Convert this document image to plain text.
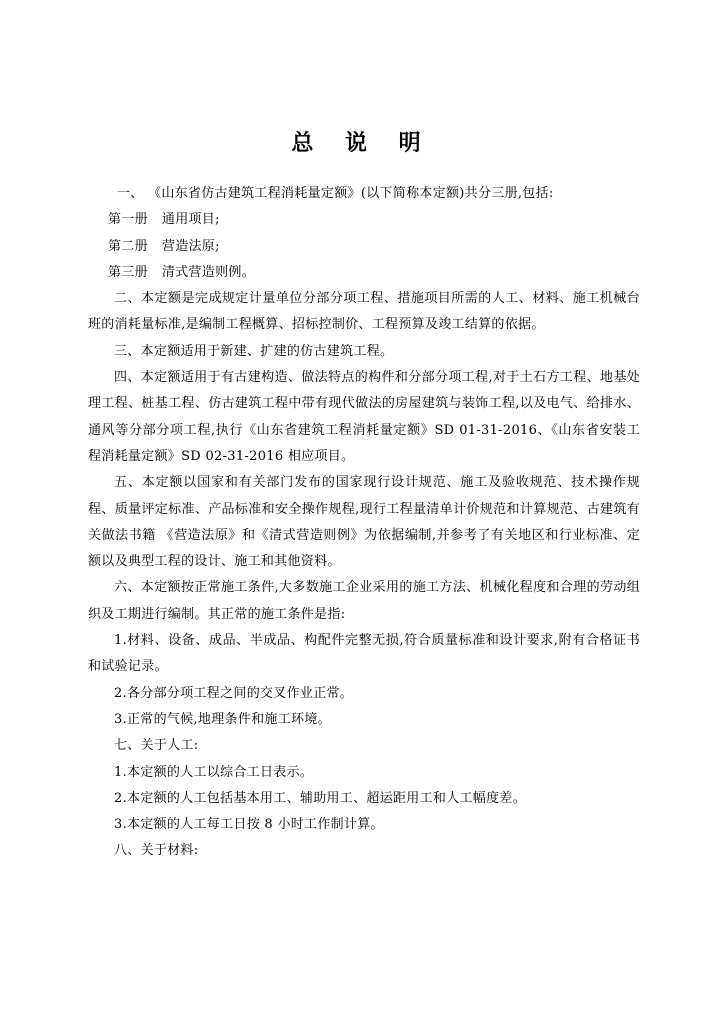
总 说 明

一、 《山东省仿古建筑工程消耗量定额》(以下简称本定额)共分三册,包括:

第一册 通用项目;

第二册 营造法原;

第三册 清式营造则例。

二、本定额是完成规定计量单位分部分项工程、措施项目所需的人工、材料、施工机械台班的消耗量标准,是编制工程概算、招标控制价、工程预算及竣工结算的依据。

三、本定额适用于新建、扩建的仿古建筑工程。

四、本定额适用于有古建构造、做法特点的构件和分部分项工程,对于土石方工程、地基处理工程、桩基工程、仿古建筑工程中带有现代做法的房屋建筑与装饰工程,以及电气、给排水、通风等分部分项工程,执行《山东省建筑工程消耗量定额》SD 01-31-2016、《山东省安装工程消耗量定额》SD 02-31-2016 相应项目。

五、本定额以国家和有关部门发布的国家现行设计规范、施工及验收规范、技术操作规程、质量评定标准、产品标准和安全操作规程,现行工程量清单计价规范和计算规范、古建筑有关做法书籍 《营造法原》和《清式营造则例》为依据编制,并参考了有关地区和行业标准、定额以及典型工程的设计、施工和其他资料。

六、本定额按正常施工条件,大多数施工企业采用的施工方法、机械化程度和合理的劳动组织及工期进行编制。其正常的施工条件是指:

1.材料、设备、成品、半成品、构配件完整无损,符合质量标准和设计要求,附有合格证书和试验记录。

2.各分部分项工程之间的交叉作业正常。

3.正常的气候,地理条件和施工环境。

七、关于人工:

1.本定额的人工以综合工日表示。

2.本定额的人工包括基本用工、辅助用工、超运距用工和人工幅度差。

3.本定额的人工每工日按 8 小时工作制计算。

八、关于材料:
